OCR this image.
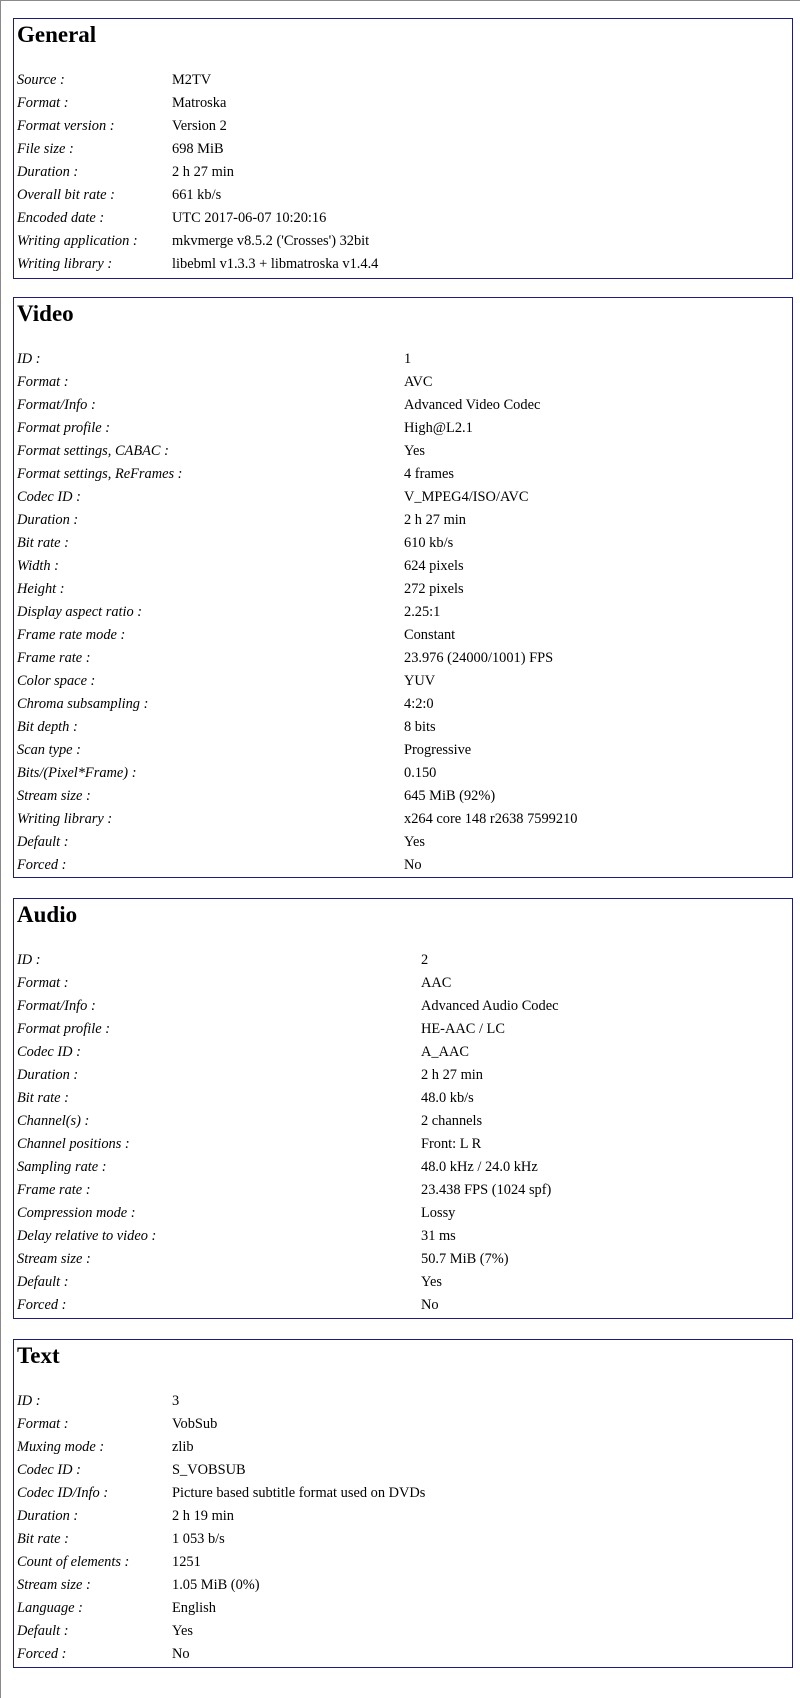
General
Source :	M2TV
Format :	Matroska
Format version :	Version 2
File size :	698 MiB
Duration :	2 h 27 min
Overall bit rate :	661 kb/s
Encoded date :	UTC 2017-06-07 10:20:16
Writing application : mkvmerge v8.5.2 ('Crosses') 32bit
Writing library :	libebml v1.3.3 + libmatroska v1.4.4
Video
ID :	1
Format :	AVC
Format/Info :	Advanced Video Codec
Format profile :	High@L2.1
Format settings, CABAC :	Yes
Format settings, ReFrames :	4 frames
Codec ID :	V_MPEG4/ISO/AVC
Duration :	2 h 27 min
Bit rate :	610 kb/s
Width :	624 pixels
Height :	272 pixels
Display aspect ratio :	2.25:1
Frame rate mode :	Constant
Frame rate :	23.976 (24000/1001) FPS
Color space :	YUV
Chroma subsampling :	4:2:0
Bit depth :	8 bits
Scan type :	Progressive
Bits/(Pixel*Frame) :	0.150
Stream size :	645 MiB (92%)
Writing library :	x264 core 148 r2638 7599210
Default :	Yes
Forced :	No
Audio
ID :	2
Format :	AAC
Format/Info :	Advanced Audio Codec
Format profile :	HE-AAC / LC
Codec ID :	A_AAC
Duration :	2 h 27 min
Bit rate :	48.0 kb/s
Channel(s) :	2 channels
Channel positions :	Front: L R
Sampling rate :	48.0 kHz / 24.0 kHz
Frame rate :	23.438 FPS (1024 spf)
Compression mode :	Lossy
Delay relative to video :	31 ms
Stream size :	50.7 MiB (7%)
Default :	Yes
Forced :	No
Text
ID :	3
Format :	VobSub
Muxing mode :	zlib
Codec ID :	S_VOBSUB
Codec ID/Info :	Picture based subtitle format used on DVDs
Duration :	2 h 19 min
Bit rate :	1 053 b/s
Count of elements :	1251
Stream size :	1.05 MiB (0%)
Language :	English
Default :	Yes
Forced :	No
